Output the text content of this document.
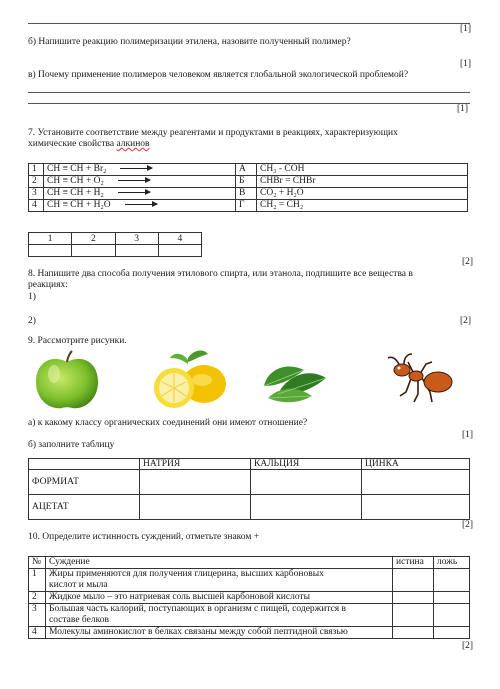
[1]
б) Напишите реакцию полимеризации этилена, назовите полученный полимер?
[1]
в) Почему применение полимеров человеком является глобальной экологической проблемой?
[1]
7. Установите соответствие между реагентами и продуктами в реакциях, характеризующих
химические свойства алкинов
1	CH ≡ CH + Br₂	А	CH₃ - COH
2	CH ≡ CH + O₂	Б	CHBr = CHBr
3	CH ≡ CH + H₂	В	CO₂ + H₂O
4	CH ≡ CH + H₂O	Г	CH₂ = CH₂
1	2	3	4

[2]
8. Напишите два способа получения этилового спирта, или этанола, подпишите все вещества в
реакциях:
1)
2)	[2]
9. Рассмотрите рисунки.
а) к какому классу органических соединений они имеют отношение?
[1]
б) заполните таблицу
	НАТРИЯ	КАЛЬЦИЯ	ЦИНКА
ФОРМИАТ			
АЦЕТАТ			
[2]
10. Определите истинность суждений, отметьте знаком +
№	Суждение	истина	ложь
1	Жиры применяются для получения глицерина, высших карбоновых
кислот и мыла		

2	Жидкое мыло – это натриевая соль высшей карбоновой кислоты		
3	Большая часть калорий, поступающих в организм с пищей, содержится в
составе белков		

4	Молекулы аминокислот в белках связаны между собой пептидной связью		
[2]
